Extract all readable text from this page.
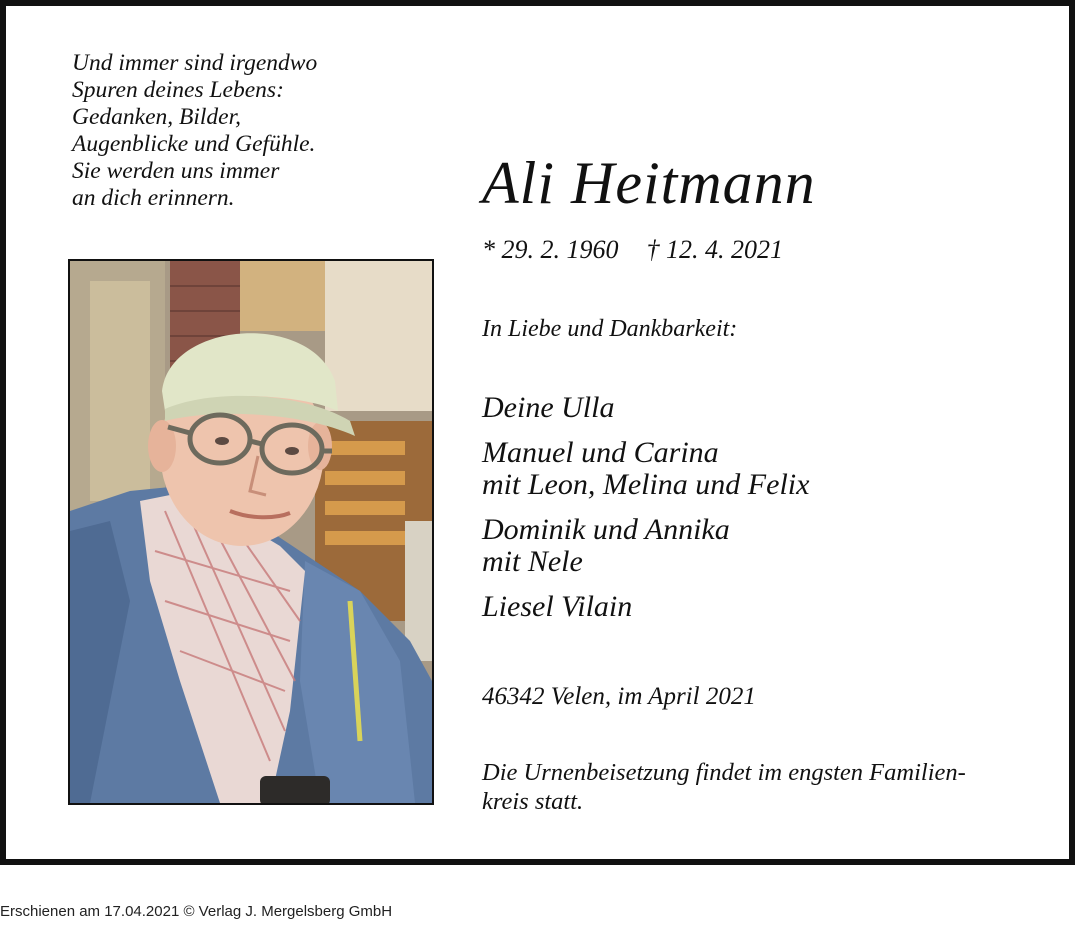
Und immer sind irgendwo
Spuren deines Lebens:
Gedanken, Bilder,
Augenblicke und Gefühle.
Sie werden uns immer
an dich erinnern.	Ali Heitmann
* 29. 2. 1960 † 12. 4. 2021
In Liebe und Dankbarkeit:
Deine Ulla
Manuel und Carina
mit Leon, Melina und Felix
Dominik und Annika
mit Nele
Liesel Vilain
46342 Velen, im April 2021
Die Urnenbeisetzung findet im engsten Familien-
kreis statt.
Erschienen am 17.04.2021 © Verlag J. Mergelsberg GmbH
